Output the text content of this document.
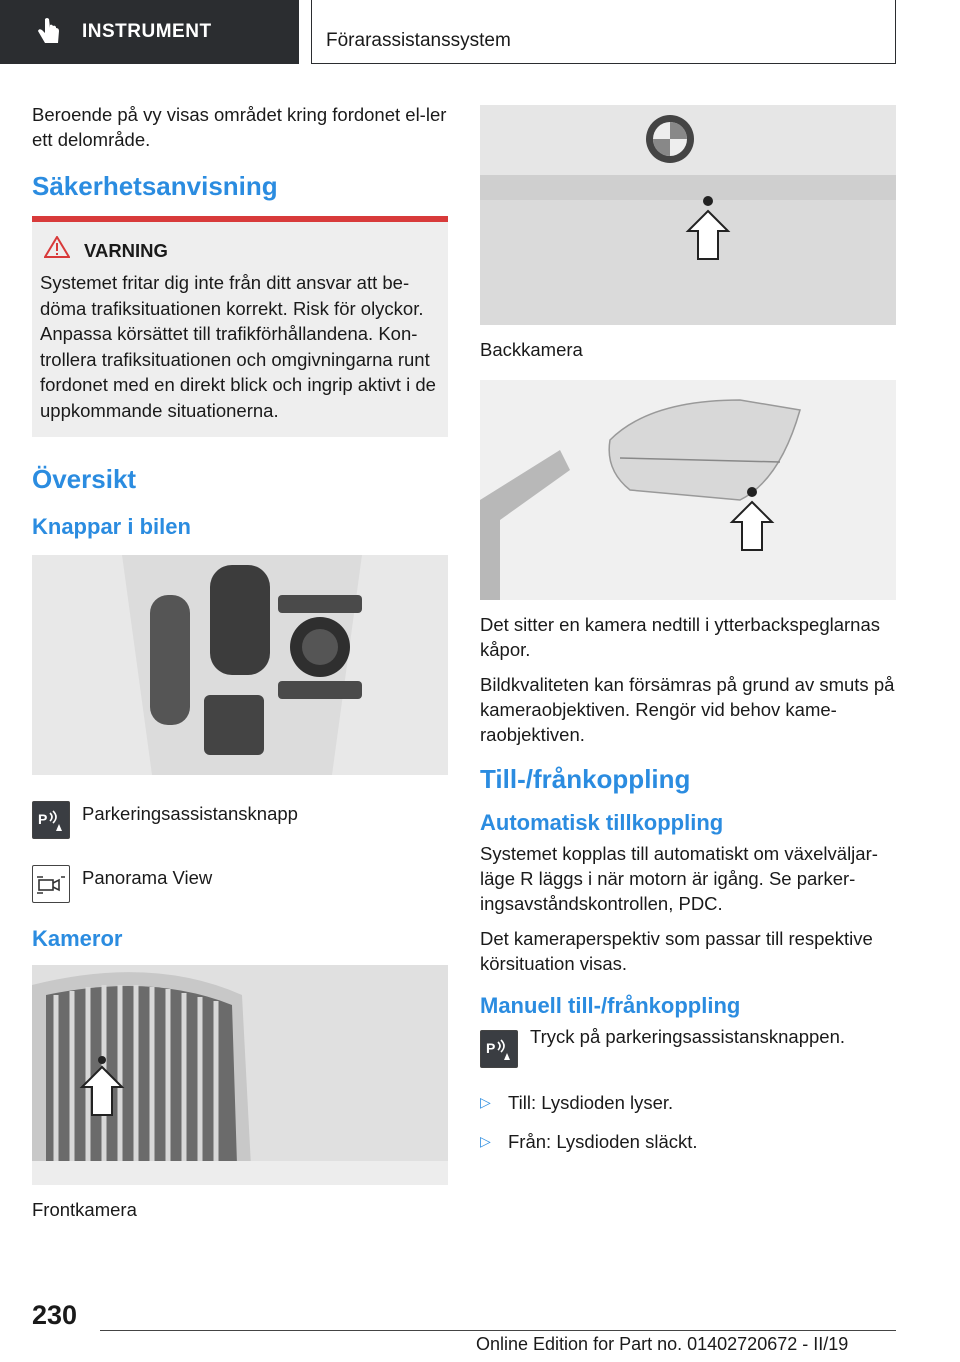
INSTRUMENT	Förarassistanssystem

Beroende på vy visas området kring fordonet el-ler ett delområde.

Säkerhetsanvisning
VARNING

Systemet fritar dig inte från ditt ansvar att be-döma trafiksituationen korrekt. Risk för olyckor. Anpassa körsättet till trafikförhållandena. Kon-trollera trafiksituationen och omgivningarna runt fordonet med en direkt blick och ingrip aktivt i de uppkommande situationerna.

Översikt
Knappar i bilen
P Parkeringsassistansknapp
Panorama View
Kameror

Frontkamera

Backkamera

Det sitter en kamera nedtill i ytterbackspeglarnas kåpor.

Bildkvaliteten kan försämras på grund av smuts på kameraobjektiven. Rengör vid behov kame-raobjektiven.

Till-/frånkoppling
Automatisk tillkoppling

Systemet kopplas till automatiskt om växelväljar-läge R läggs i när motorn är igång. Se parker-ingsavståndskontrollen, PDC.

Det kameraperspektiv som passar till respektive körsituation visas.

Manuell till-/frånkoppling
P
Tryck på parkeringsassistansknappen.
▷ Till: Lysdioden lyser.
▷ Från: Lysdioden släckt.
230
Online Edition for Part no. 01402720672 - II/19
